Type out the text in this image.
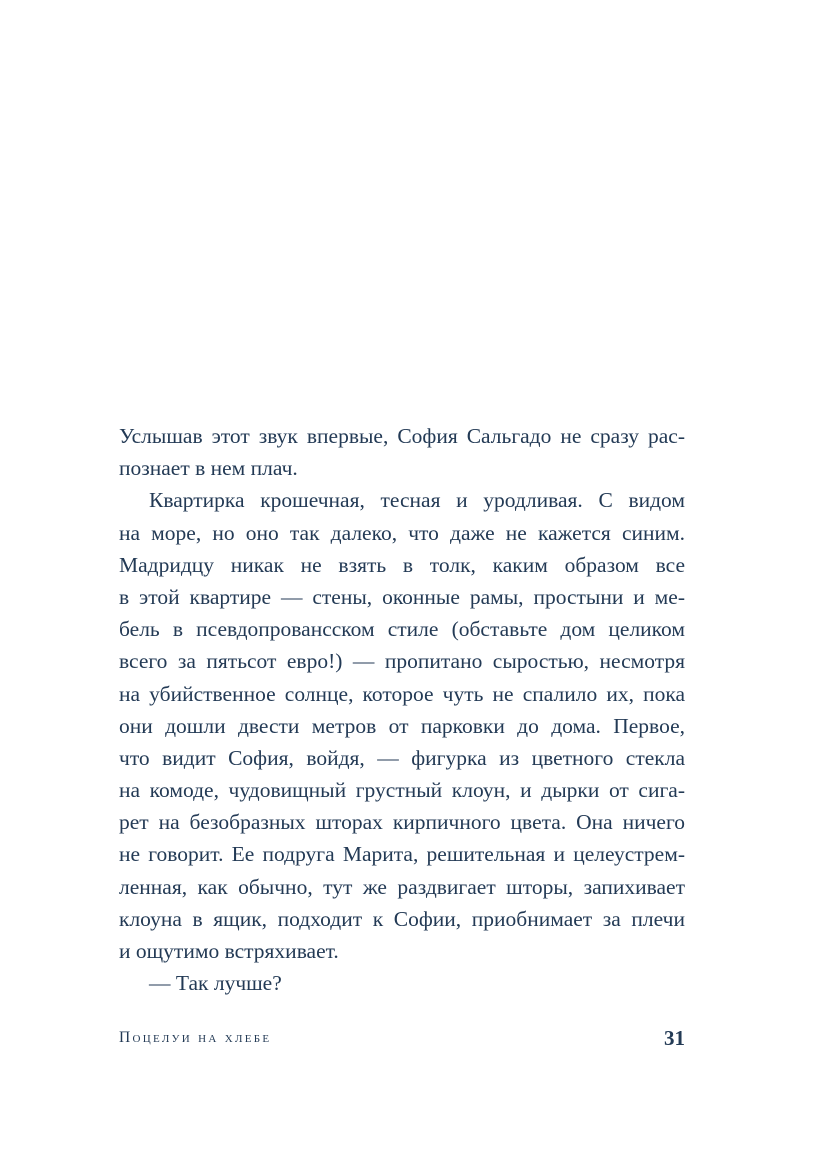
Услышав этот звук впервые, София Сальгадо не сразу рас-
познает в нем плач.
Квартирка крошечная, тесная и уродливая. С видом
на море, но оно так далеко, что даже не кажется синим.
Мадридцу никак не взять в толк, каким образом все
в этой квартире — стены, оконные рамы, простыни и ме-
бель в псевдопровансском стиле (обставьте дом целиком
всего за пятьсот евро!) — пропитано сыростью, несмотря
на убийственное солнце, которое чуть не спалило их, пока
они дошли двести метров от парковки до дома. Первое,
что видит София, войдя, — фигурка из цветного стекла
на комоде, чудовищный грустный клоун, и дырки от сига-
рет на безобразных шторах кирпичного цвета. Она ничего
не говорит. Ее подруга Марита, решительная и целеустрем-
ленная, как обычно, тут же раздвигает шторы, запихивает
клоуна в ящик, подходит к Софии, приобнимает за плечи
и ощутимо встряхивает.
— Так лучше?
Поцелуи на хлебе	31
